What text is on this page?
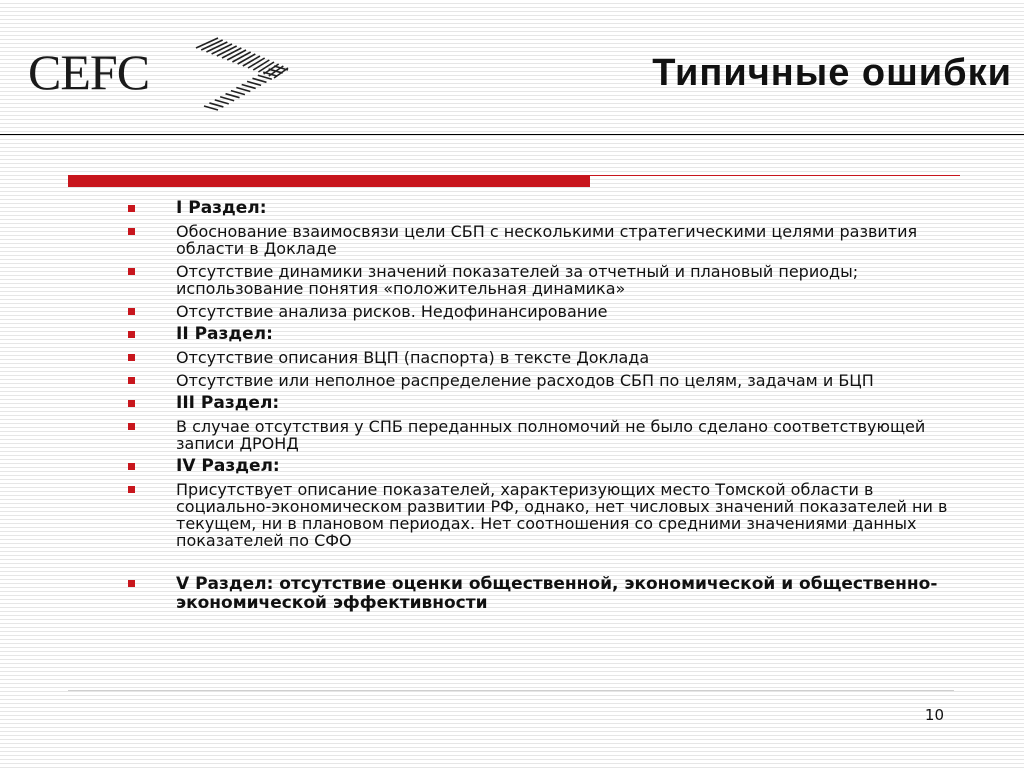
CEFC	Типичные ошибки
I Раздел:
Обоснование взаимосвязи цели СБП с несколькими стратегическими целями развития области в Докладе
Отсутствие динамики значений показателей за отчетный и плановый периоды; использование понятия «положительная динамика»
Отсутствие анализа рисков. Недофинансирование
II Раздел:
Отсутствие описания ВЦП (паспорта) в тексте Доклада
Отсутствие или неполное распределение расходов СБП по целям, задачам и БЦП
III Раздел:
В случае отсутствия у СПБ переданных полномочий не было сделано соответствующей записи ДРОНД
IV Раздел:
Присутствует описание показателей, характеризующих место Томской области в социально-экономическом развитии РФ, однако, нет числовых значений показателей ни в текущем, ни в плановом периодах. Нет соотношения со средними значениями данных показателей по СФО
V Раздел: отсутствие оценки общественной, экономической и общественно-экономической эффективности
10
